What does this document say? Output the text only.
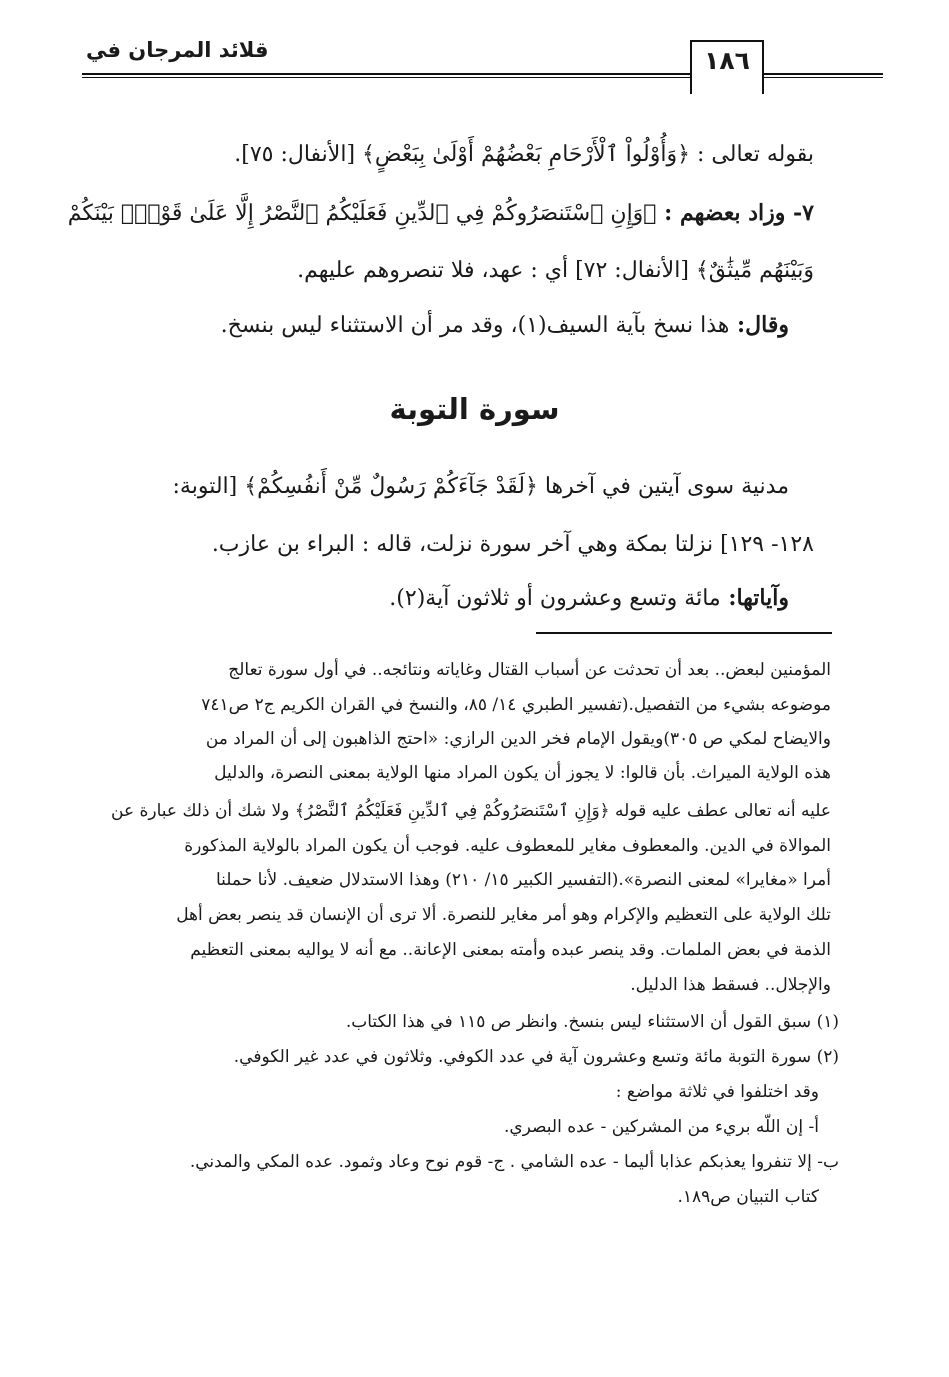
قلائد المرجان في	١٨٦
بقوله تعالى : ﴿وَأُوْلُواْ ٱلْأَرْحَامِ بَعْضُهُمْ أَوْلَىٰ بِبَعْضٍ﴾ [الأنفال: ٧٥].
٧- وزاد بعضهم : ﴿وَإِنِ ٱسْتَنصَرُوكُمْ فِي ٱلدِّينِ فَعَلَيْكُمُ ٱلنَّصْرُ إِلَّا عَلَىٰ قَوْمِۭ بَيْنَكُمْ
وَبَيْنَهُم مِّيثَٰقٌ﴾ [الأنفال: ٧٢] أي : عهد، فلا تنصروهم عليهم.
وقال: هذا نسخ بآية السيف(١)، وقد مر أن الاستثناء ليس بنسخ.
سورة التوبة
مدنية سوى آيتين في آخرها ﴿لَقَدْ جَآءَكُمْ رَسُولٌ مِّنْ أَنفُسِكُمْ﴾ [التوبة:
١٢٨- ١٢٩] نزلتا بمكة وهي آخر سورة نزلت، قاله : البراء بن عازب.
وآياتها: مائة وتسع وعشرون أو ثلاثون آية(٢).
المؤمنين لبعض.. بعد أن تحدثت عن أسباب القتال وغاياته ونتائجه.. في أول سورة تعالج
موضوعه بشيء من التفصيل.(تفسير الطبري ١٤/ ٨٥، والنسخ في القران الكريم ج٢ ص٧٤١
والايضاح لمكي ص ٣٠٥)ويقول الإمام فخر الدين الرازي: «احتج الذاهبون إلى أن المراد من
هذه الولاية الميراث. بأن قالوا: لا يجوز أن يكون المراد منها الولاية بمعنى النصرة، والدليل
عليه أنه تعالى عطف عليه قوله ﴿وَإِنِ ٱسْتَنصَرُوكُمْ فِي ٱلدِّينِ فَعَلَيْكُمُ ٱلنَّصْرُ﴾ ولا شك أن ذلك عبارة عن
الموالاة في الدين. والمعطوف مغاير للمعطوف عليه. فوجب أن يكون المراد بالولاية المذكورة
أمرا «مغايرا» لمعنى النصرة».(التفسير الكبير ١٥/ ٢١٠) وهذا الاستدلال ضعيف. لأنا حملنا
تلك الولاية على التعظيم والإكرام وهو أمر مغاير للنصرة. ألا ترى أن الإنسان قد ينصر بعض أهل
الذمة في بعض الملمات. وقد ينصر عبده وأمته بمعنى الإعانة.. مع أنه لا يواليه بمعنى التعظيم
والإجلال.. فسقط هذا الدليل.
(١) سبق القول أن الاستثناء ليس بنسخ. وانظر ص ١١٥ في هذا الكتاب.
(٢) سورة التوبة مائة وتسع وعشرون آية في عدد الكوفي. وثلاثون في عدد غير الكوفي.
وقد اختلفوا في ثلاثة مواضع :
أ- إن اللّه بريء من المشركين - عده البصري.
ب- إلا تنفروا يعذبكم عذابا أليما - عده الشامي . ج- قوم نوح وعاد وثمود. عده المكي والمدني.
كتاب التبيان ص١٨٩.
